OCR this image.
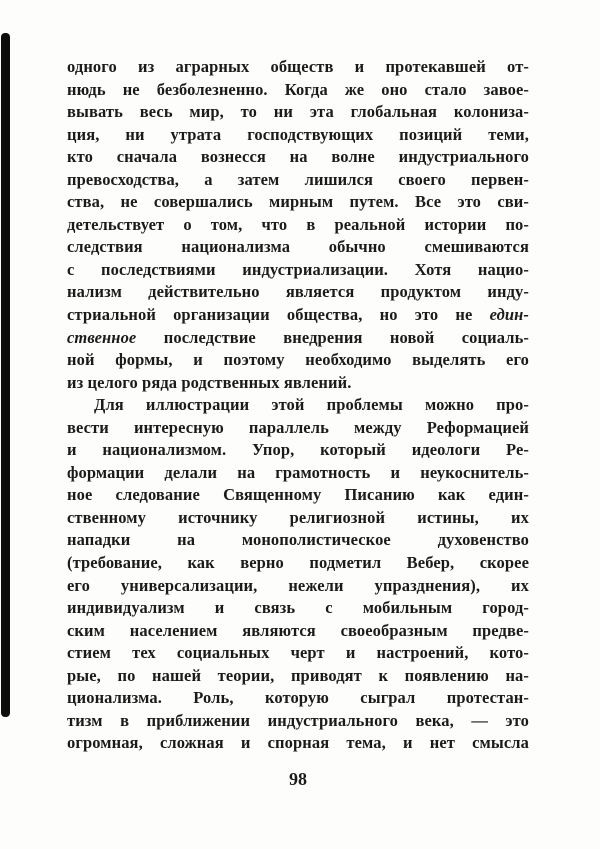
одного из аграрных обществ и протекавшей от-
нюдь не безболезненно. Когда же оно стало завое-
вывать весь мир, то ни эта глобальная колониза-
ция, ни утрата господствующих позиций теми,
кто сначала вознесся на волне индустриального
превосходства, а затем лишился своего первен-
ства, не совершались мирным путем. Все это сви-
детельствует о том, что в реальной истории по-
следствия национализма обычно смешиваются
с последствиями индустриализации. Хотя нацио-
нализм действительно является продуктом инду-
стриальной организации общества, но это не един-
ственное последствие внедрения новой социаль-
ной формы, и поэтому необходимо выделять его
из целого ряда родственных явлений.
Для иллюстрации этой проблемы можно про-
вести интересную параллель между Реформацией
и национализмом. Упор, который идеологи Ре-
формации делали на грамотность и неукоснитель-
ное следование Священному Писанию как един-
ственному источнику религиозной истины, их
нападки на монополистическое духовенство
(требование, как верно подметил Вебер, скорее
его универсализации, нежели упразднения), их
индивидуализм и связь с мобильным город-
ским населением являются своеобразным предве-
стием тех социальных черт и настроений, кото-
рые, по нашей теории, приводят к появлению на-
ционализма. Роль, которую сыграл протестан-
тизм в приближении индустриального века, — это
огромная, сложная и спорная тема, и нет смысла
98
